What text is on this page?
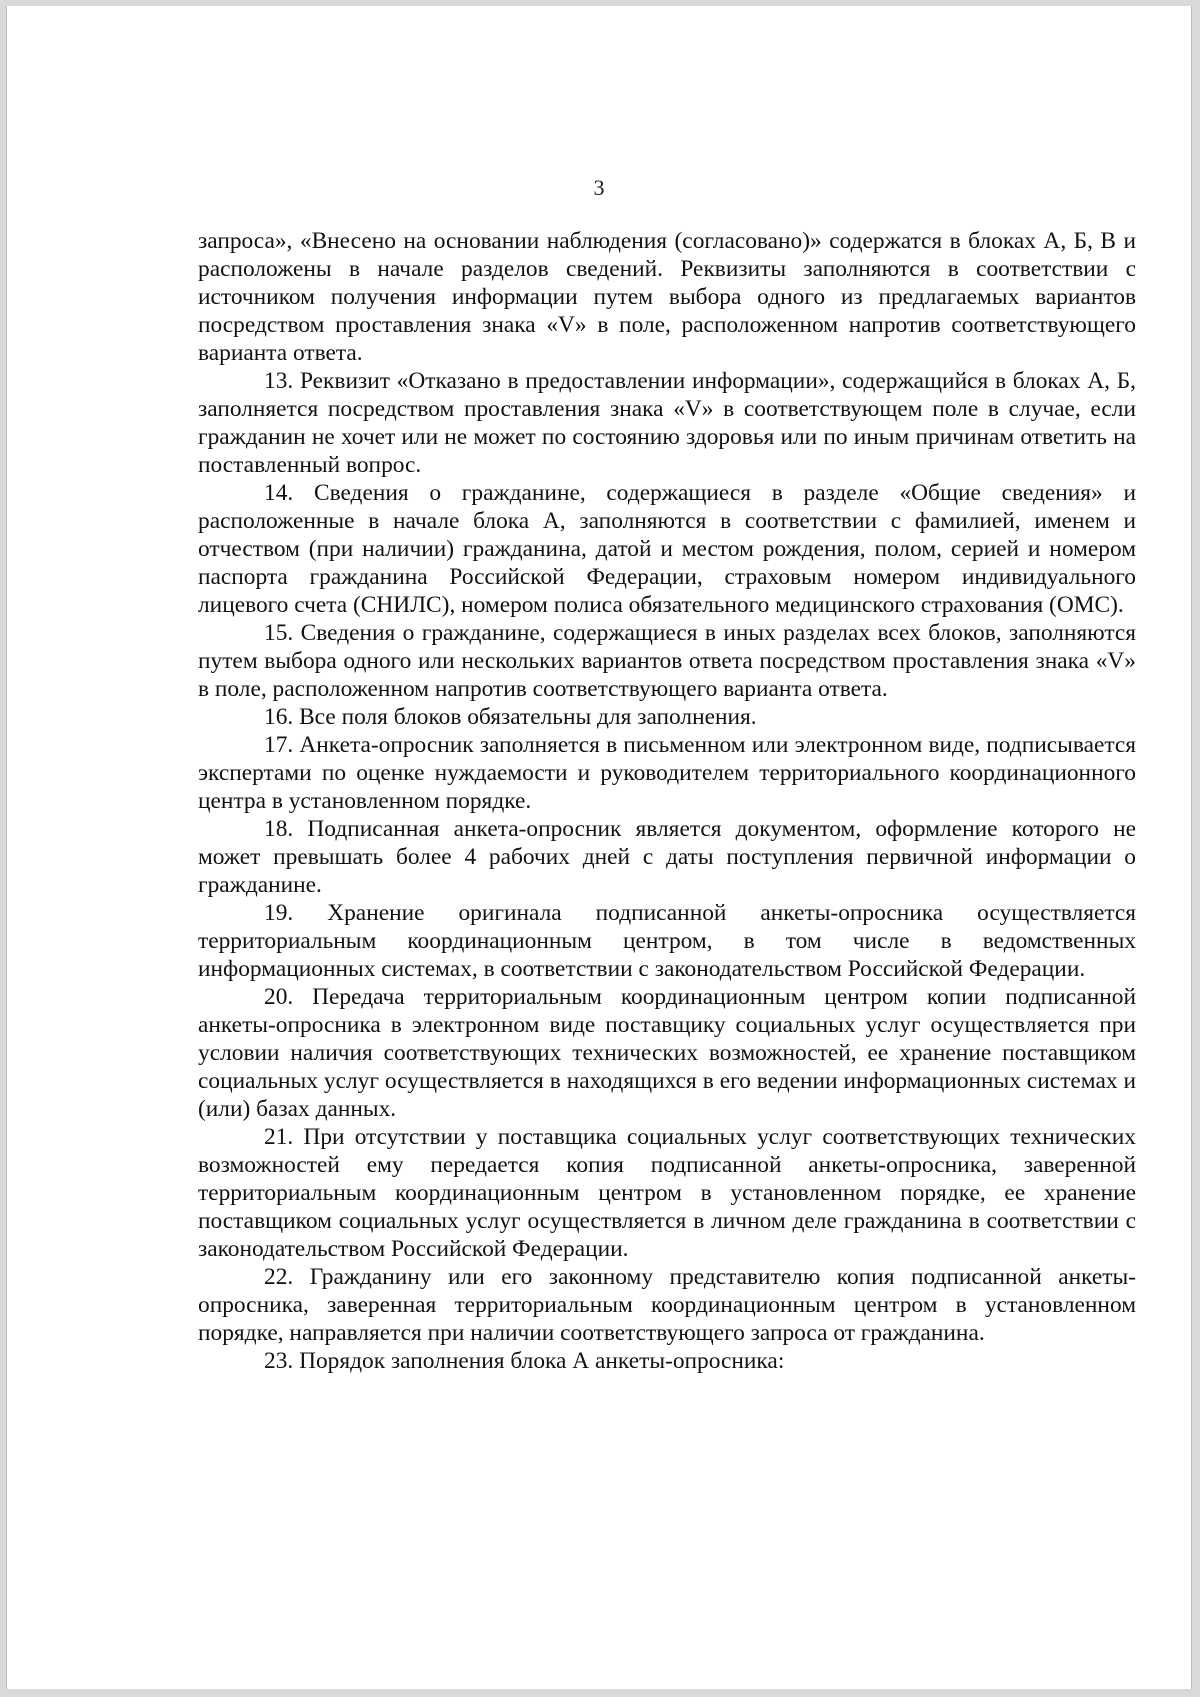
3

запроса», «Внесено на основании наблюдения (согласовано)» содержатся в блоках А, Б, В и расположены в начале разделов сведений. Реквизиты заполняются в соответствии с источником получения информации путем выбора одного из предлагаемых вариантов посредством проставления знака «V» в поле, расположенном напротив соответствующего варианта ответа.

13. Реквизит «Отказано в предоставлении информации», содержащийся в блоках А, Б, заполняется посредством проставления знака «V» в соответствующем поле в случае, если гражданин не хочет или не может по состоянию здоровья или по иным причинам ответить на поставленный вопрос.

14. Сведения о гражданине, содержащиеся в разделе «Общие сведения» и расположенные в начале блока А, заполняются в соответствии с фамилией, именем и отчеством (при наличии) гражданина, датой и местом рождения, полом, серией и номером паспорта гражданина Российской Федерации, страховым номером индивидуального лицевого счета (СНИЛС), номером полиса обязательного медицинского страхования (ОМС).

15. Сведения о гражданине, содержащиеся в иных разделах всех блоков, заполняются путем выбора одного или нескольких вариантов ответа посредством проставления знака «V» в поле, расположенном напротив соответствующего варианта ответа.

16. Все поля блоков обязательны для заполнения.

17. Анкета-опросник заполняется в письменном или электронном виде, подписывается экспертами по оценке нуждаемости и руководителем территориального координационного центра в установленном порядке.

18. Подписанная анкета-опросник является документом, оформление которого не может превышать более 4 рабочих дней с даты поступления первичной информации о гражданине.

19. Хранение оригинала подписанной анкеты-опросника осуществляется территориальным координационным центром, в том числе в ведомственных информационных системах, в соответствии с законодательством Российской Федерации.

20. Передача территориальным координационным центром копии подписанной анкеты-опросника в электронном виде поставщику социальных услуг осуществляется при условии наличия соответствующих технических возможностей, ее хранение поставщиком социальных услуг осуществляется в находящихся в его ведении информационных системах и (или) базах данных.

21. При отсутствии у поставщика социальных услуг соответствующих технических возможностей ему передается копия подписанной анкеты-опросника, заверенной территориальным координационным центром в установленном порядке, ее хранение поставщиком социальных услуг осуществляется в личном деле гражданина в соответствии с законодательством Российской Федерации.

22. Гражданину или его законному представителю копия подписанной анкеты-опросника, заверенная территориальным координационным центром в установленном порядке, направляется при наличии соответствующего запроса от гражданина.

23. Порядок заполнения блока А анкеты-опросника:
